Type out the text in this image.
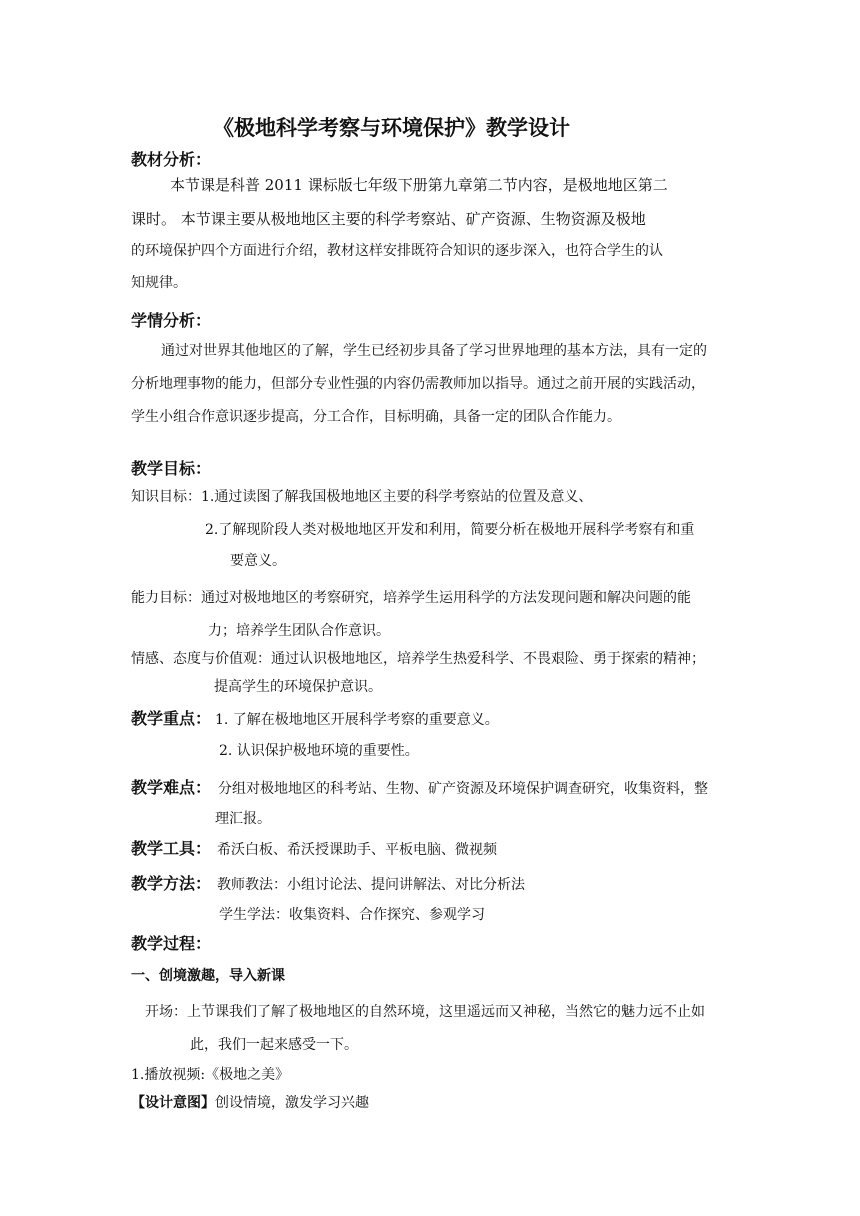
《极地科学考察与环境保护》教学设计
教材分析：
本节课是科普 2011 课标版七年级下册第九章第二节内容，是极地地区第二
课时。 本节课主要从极地地区主要的科学考察站、矿产资源、生物资源及极地
的环境保护四个方面进行介绍，教材这样安排既符合知识的逐步深入，也符合学生的认
知规律。
学情分析：
通过对世界其他地区的了解，学生已经初步具备了学习世界地理的基本方法，具有一定的
分析地理事物的能力，但部分专业性强的内容仍需教师加以指导。通过之前开展的实践活动，
学生小组合作意识逐步提高，分工合作，目标明确，具备一定的团队合作能力。
教学目标：
知识目标：1.通过读图了解我国极地地区主要的科学考察站的位置及意义、
2.了解现阶段人类对极地地区开发和利用，简要分析在极地开展科学考察有和重
要意义。
能力目标：通过对极地地区的考察研究，培养学生运用科学的方法发现问题和解决问题的能
力；培养学生团队合作意识。
情感、态度与价值观：通过认识极地地区，培养学生热爱科学、不畏艰险、勇于探索的精神；
提高学生的环境保护意识。
教学重点： 1. 了解在极地地区开展科学考察的重要意义。
2. 认识保护极地环境的重要性。
教学难点： 分组对极地地区的科考站、生物、矿产资源及环境保护调查研究，收集资料，整
理汇报。
教学工具： 希沃白板、希沃授课助手、平板电脑、微视频
教学方法： 教师教法：小组讨论法、提问讲解法、对比分析法
学生学法：收集资料、合作探究、参观学习
教学过程：
一、创境激趣，导入新课
开场：上节课我们了解了极地地区的自然环境，这里遥远而又神秘，当然它的魅力远不止如
此，我们一起来感受一下。
1.播放视频:《极地之美》
【设计意图】创设情境，激发学习兴趣
